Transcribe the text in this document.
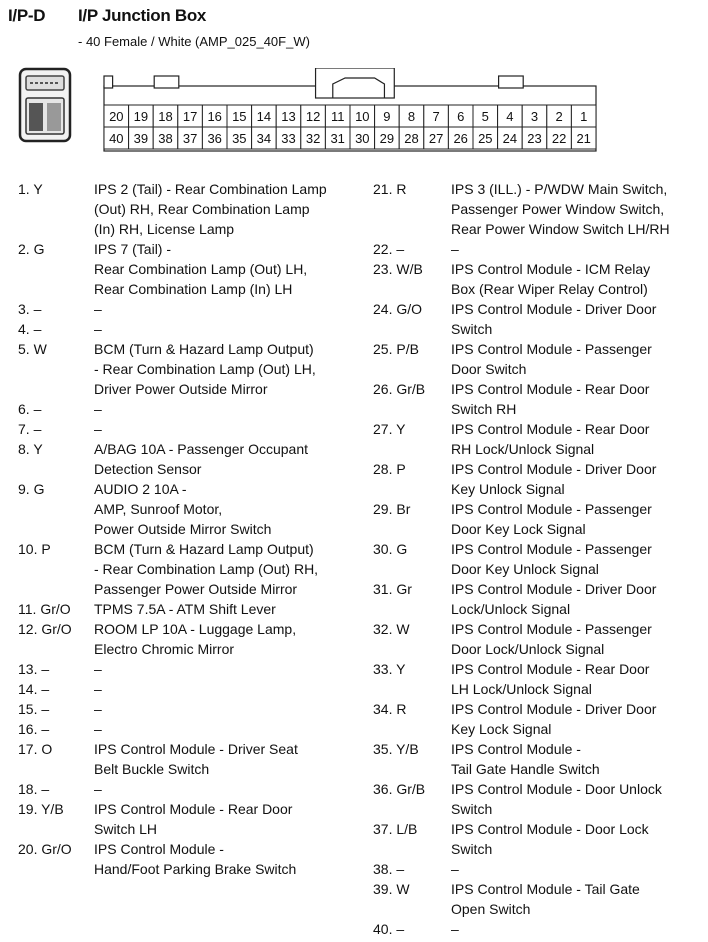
I/P-D I/P Junction Box
- 40 Female / White (AMP_025_40F_W)
20 19 18 17 16 15 14 13 12 11 10 9 8 7 6 5 4 3 2 1
40 39 38 37 36 35 34 33 32 31 30 29 28 27 26 25 24 23 22 21
1. Y	IPS 2 (Tail) - Rear Combination Lamp
(Out) RH, Rear Combination Lamp
(In) RH, License Lamp
2. G	IPS 7 (Tail) -
Rear Combination Lamp (Out) LH,
Rear Combination Lamp (In) LH
3. –	–
4. –	–
5. W	BCM (Turn & Hazard Lamp Output)
- Rear Combination Lamp (Out) LH,
Driver Power Outside Mirror
6. –	–
7. –	–
8. Y	A/BAG 10A - Passenger Occupant
Detection Sensor
9. G	AUDIO 2 10A -
AMP, Sunroof Motor,
Power Outside Mirror Switch
10. P	BCM (Turn & Hazard Lamp Output)
- Rear Combination Lamp (Out) RH,
Passenger Power Outside Mirror
11. Gr/O	TPMS 7.5A - ATM Shift Lever
12. Gr/O	ROOM LP 10A - Luggage Lamp,
Electro Chromic Mirror
13. –	–
14. –	–
15. –	–
16. –	–
17. O	IPS Control Module - Driver Seat
Belt Buckle Switch
18. –	–
19. Y/B	IPS Control Module - Rear Door
Switch LH
20. Gr/O	IPS Control Module -
Hand/Foot Parking Brake Switch
21. R	IPS 3 (ILL.) - P/WDW Main Switch,
Passenger Power Window Switch,
Rear Power Window Switch LH/RH
22. –	–
23. W/B	IPS Control Module - ICM Relay
Box (Rear Wiper Relay Control)
24. G/O	IPS Control Module - Driver Door
Switch
25. P/B	IPS Control Module - Passenger
Door Switch
26. Gr/B	IPS Control Module - Rear Door
Switch RH
27. Y	IPS Control Module - Rear Door
RH Lock/Unlock Signal
28. P	IPS Control Module - Driver Door
Key Unlock Signal
29. Br	IPS Control Module - Passenger
Door Key Lock Signal
30. G	IPS Control Module - Passenger
Door Key Unlock Signal
31. Gr	IPS Control Module - Driver Door
Lock/Unlock Signal
32. W	IPS Control Module - Passenger
Door Lock/Unlock Signal
33. Y	IPS Control Module - Rear Door
LH Lock/Unlock Signal
34. R	IPS Control Module - Driver Door
Key Lock Signal
35. Y/B	IPS Control Module -
Tail Gate Handle Switch
36. Gr/B	IPS Control Module - Door Unlock
Switch
37. L/B	IPS Control Module - Door Lock
Switch
38. –	–
39. W	IPS Control Module - Tail Gate
Open Switch
40. –	–
